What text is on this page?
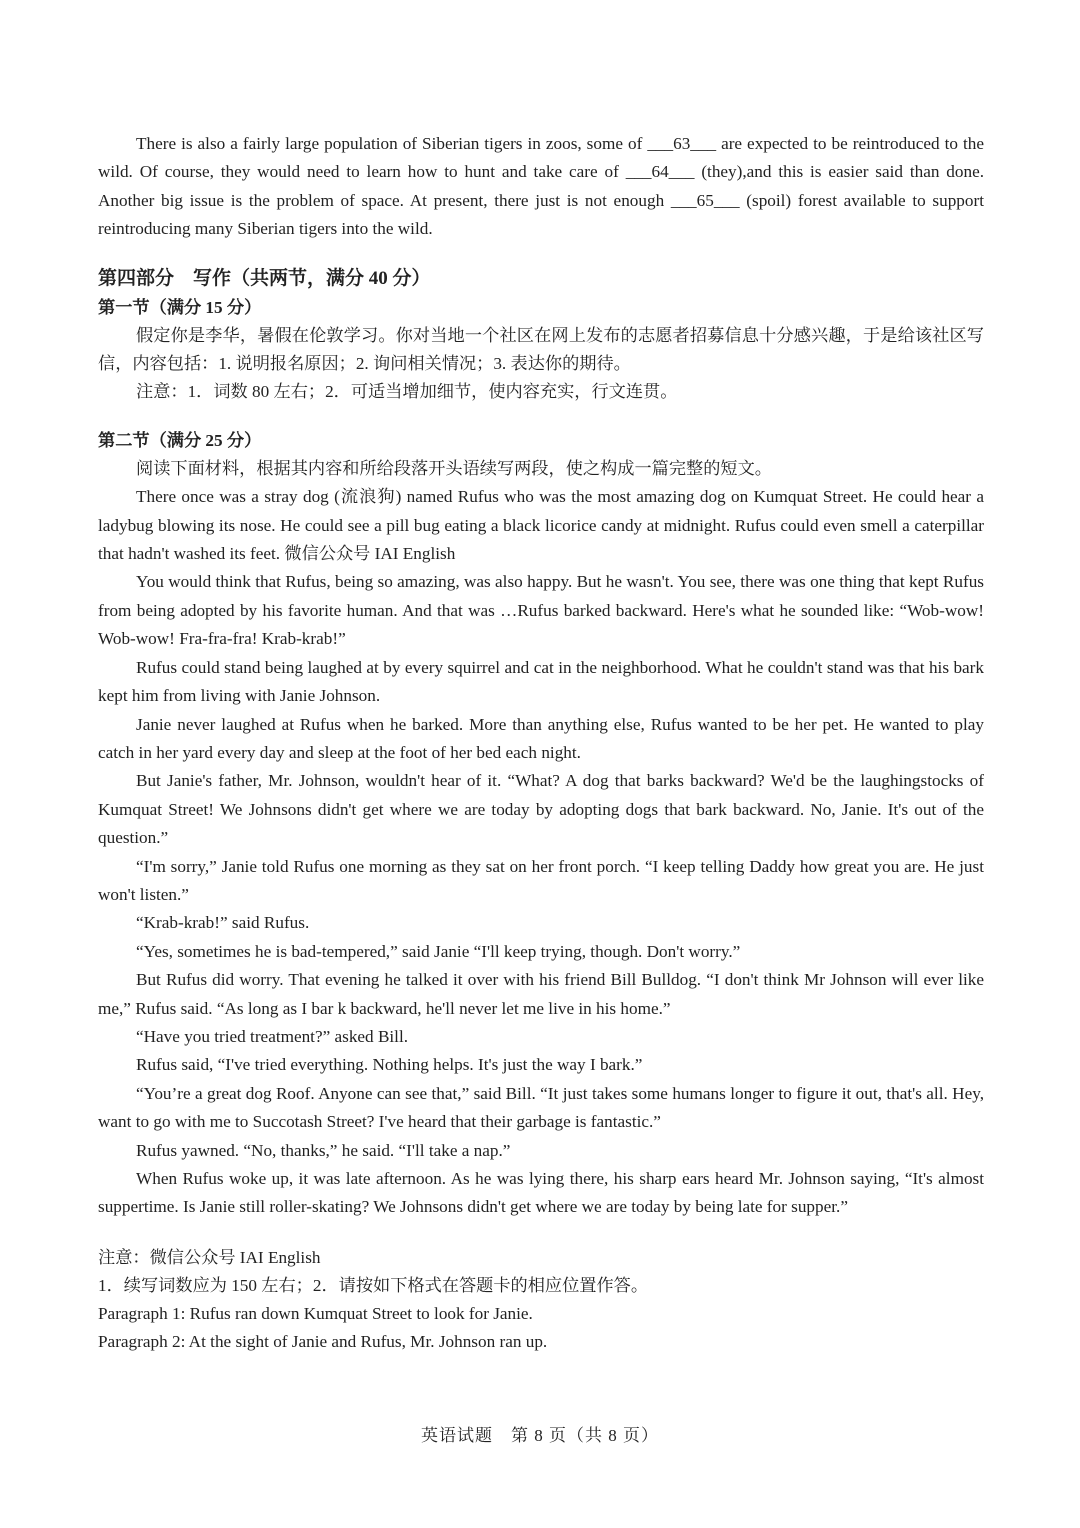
There is also a fairly large population of Siberian tigers in zoos, some of ___63___ are expected to be reintroduced to the wild. Of course, they would need to learn how to hunt and take care of ___64___ (they),and this is easier said than done. Another big issue is the problem of space. At present, there just is not enough ___65___ (spoil) forest available to support reintroducing many Siberian tigers into the wild.

第四部分　写作（共两节，满分 40 分）

第一节（满分 15 分）

假定你是李华，暑假在伦敦学习。你对当地一个社区在网上发布的志愿者招募信息十分感兴趣，于是给该社区写信，内容包括：1. 说明报名原因；2. 询问相关情况；3. 表达你的期待。

注意：1．词数 80 左右；2．可适当增加细节，使内容充实，行文连贯。

第二节（满分 25 分）

阅读下面材料，根据其内容和所给段落开头语续写两段，使之构成一篇完整的短文。

There once was a stray dog (流浪狗) named Rufus who was the most amazing dog on Kumquat Street. He could hear a ladybug blowing its nose. He could see a pill bug eating a black licorice candy at midnight. Rufus could even smell a caterpillar that hadn't washed its feet. 微信公众号 IAI English

You would think that Rufus, being so amazing, was also happy. But he wasn't. You see, there was one thing that kept Rufus from being adopted by his favorite human. And that was …Rufus barked backward. Here's what he sounded like: “Wob-wow! Wob-wow! Fra-fra-fra! Krab-krab!”

Rufus could stand being laughed at by every squirrel and cat in the neighborhood. What he couldn't stand was that his bark kept him from living with Janie Johnson.

Janie never laughed at Rufus when he barked. More than anything else, Rufus wanted to be her pet. He wanted to play catch in her yard every day and sleep at the foot of her bed each night.

But Janie's father, Mr. Johnson, wouldn't hear of it. “What? A dog that barks backward? We'd be the laughingstocks of Kumquat Street! We Johnsons didn't get where we are today by adopting dogs that bark backward. No, Janie. It's out of the question.”

“I'm sorry,” Janie told Rufus one morning as they sat on her front porch. “I keep telling Daddy how great you are. He just won't listen.”

“Krab-krab!” said Rufus.

“Yes, sometimes he is bad-tempered,” said Janie “I'll keep trying, though. Don't worry.”

But Rufus did worry. That evening he talked it over with his friend Bill Bulldog. “I don't think Mr Johnson will ever like me,” Rufus said. “As long as I bar k backward, he'll never let me live in his home.”

“Have you tried treatment?” asked Bill.

Rufus said, “I've tried everything. Nothing helps. It's just the way I bark.”

“You’re a great dog Roof. Anyone can see that,” said Bill. “It just takes some humans longer to figure it out, that's all. Hey, want to go with me to Succotash Street? I've heard that their garbage is fantastic.”

Rufus yawned. “No, thanks,” he said. “I'll take a nap.”

When Rufus woke up, it was late afternoon. As he was lying there, his sharp ears heard Mr. Johnson saying, “It's almost suppertime. Is Janie still roller-skating? We Johnsons didn't get where we are today by being late for supper.”

注意：微信公众号 IAI English

1．续写词数应为 150 左右；2．请按如下格式在答题卡的相应位置作答。

Paragraph 1: Rufus ran down Kumquat Street to look for Janie.

Paragraph 2: At the sight of Janie and Rufus, Mr. Johnson ran up.

英语试题　第 8 页（共 8 页）
